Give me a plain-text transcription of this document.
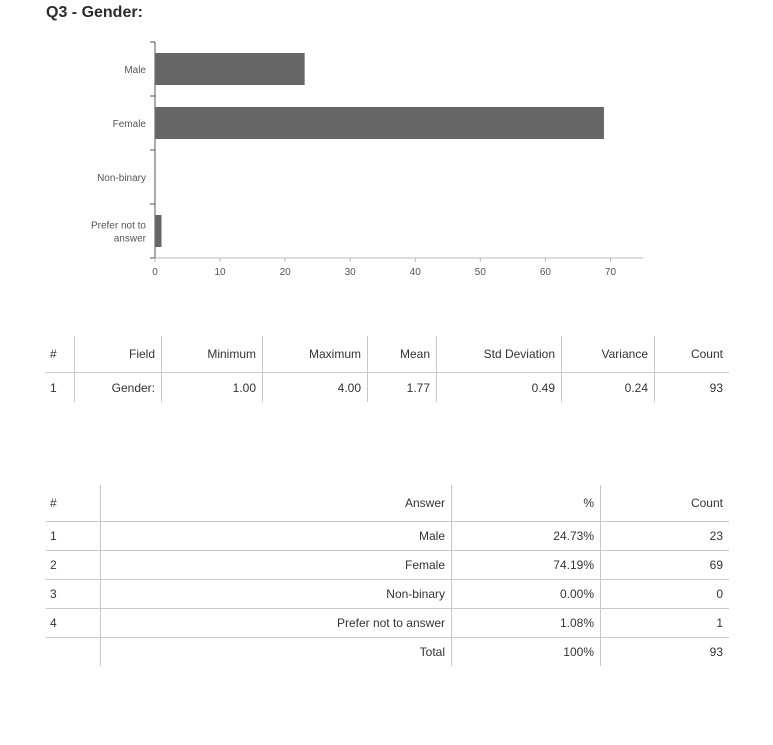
Q3 - Gender:
Male
Female
Non-binary
Prefer not to
answer
0	10	20	30	40	50	60	70
#	Field	Minimum	Maximum	Mean	Std Deviation	Variance	Count
1	Gender:	1.00	4.00	1.77	0.49	0.24	93
#	Answer	%	Count
1	Male	24.73%	23
2	Female	74.19%	69
3	Non-binary	0.00%	0
4	Prefer not to answer	1.08%	1
	Total	100%	93
